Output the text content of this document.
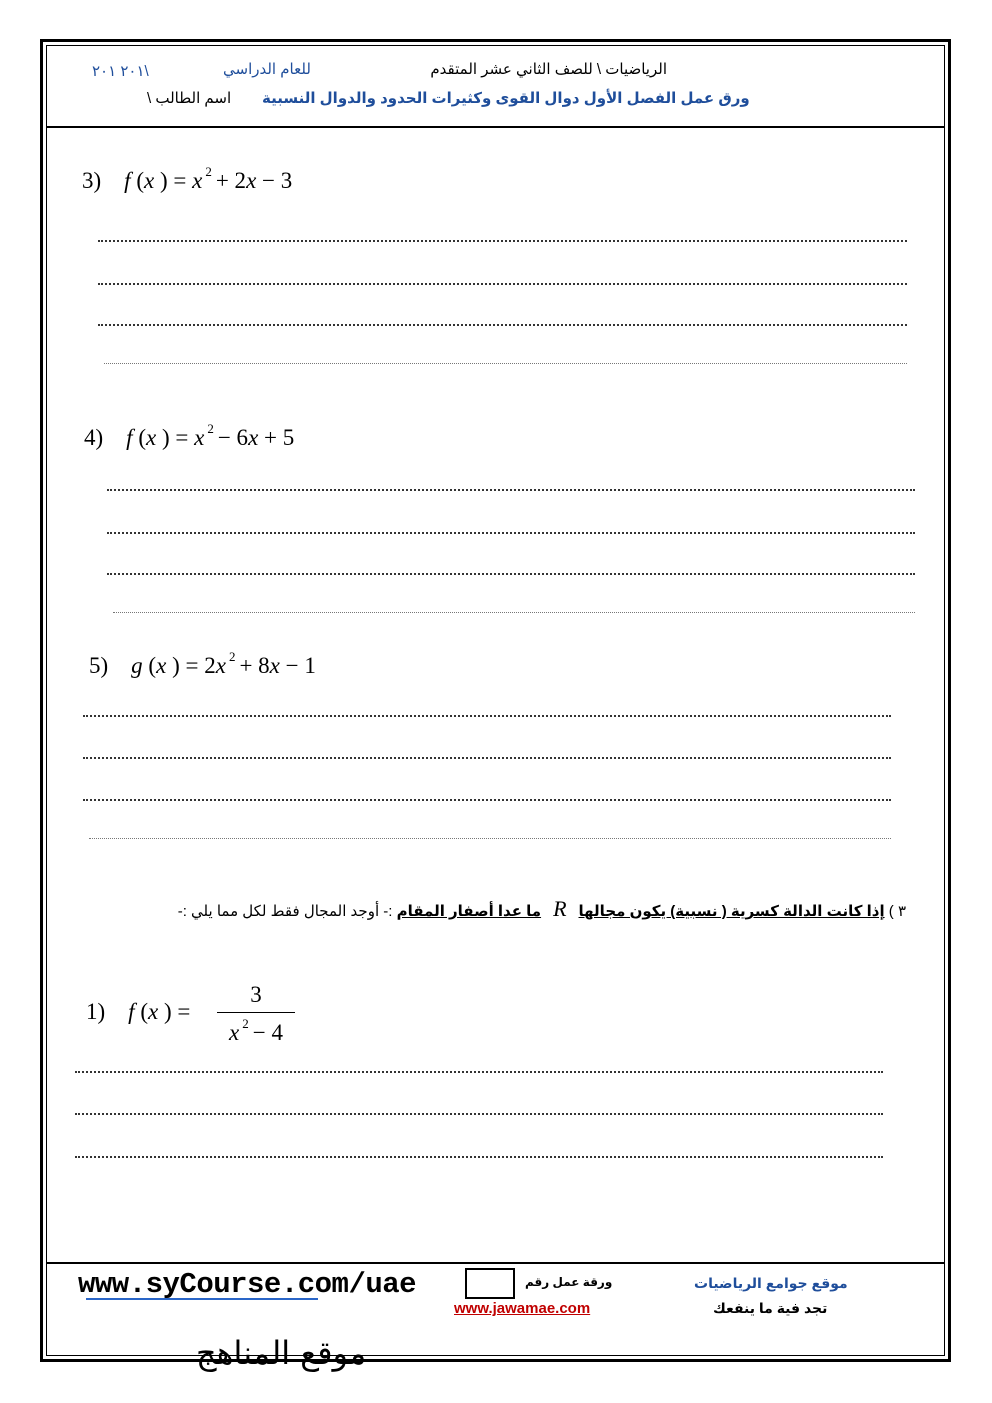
الرياضيات \ للصف الثاني عشر المتقدم
للعام الدراسي
٢٠١ ٢٠١\
ورق عمل الفصل الأول دوال القوى وكثيرات الحدود والدوال النسبية
اسم الطالب \
3) f (x ) = x $^2$ + 2x − 3
4) f (x ) = x $^2$ − 6x + 5
5) g (x ) = 2x $^2$ + 8x − 1
٣ ) إذا كانت الدالة كسرية ( نسبية) يكون مجالهاRما عدا أصفار المقام :- أوجد المجال فقط لكل مما يلي :-
1) f (x ) =
3
x $^2$ − 4
www.syCourse.com/uae	ورقة عمل رقم
www.jawamae.com
موقع جوامع الرياضيات
تجد فية ما ينفعك
موقع المناهج
